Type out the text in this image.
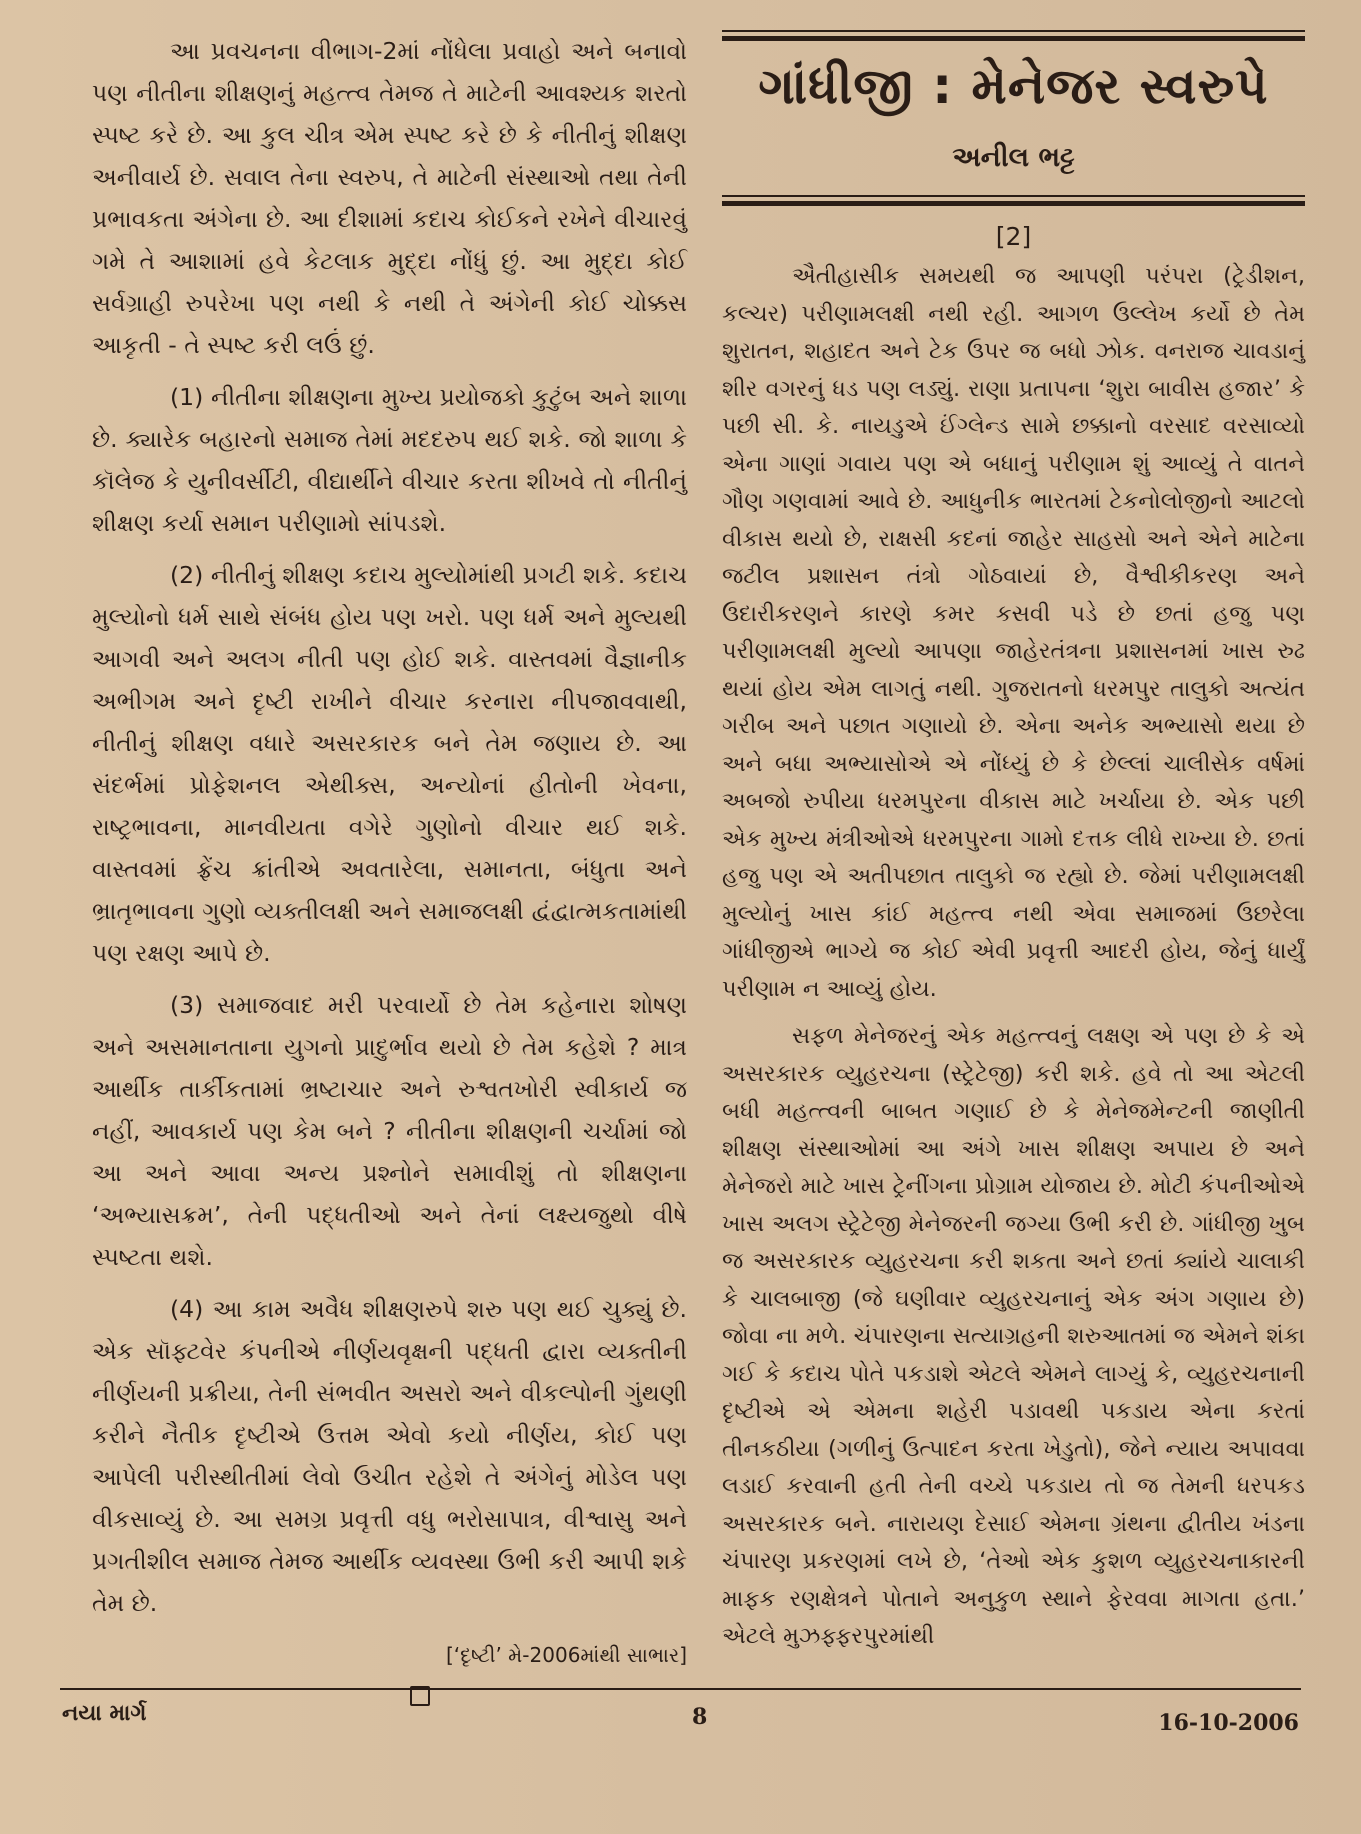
આ પ્રવચનના વીભાગ-2માં નોંધેલા પ્રવાહો અને બનાવો પણ નીતીના શીક્ષણનું મહત્ત્વ તેમજ તે માટેની આવશ્યક શરતો સ્પષ્ટ કરે છે. આ કુલ ચીત્ર એમ સ્પષ્ટ કરે છે કે નીતીનું શીક્ષણ અનીવાર્ય છે. સવાલ તેના સ્વરુપ, તે માટેની સંસ્થાઓ તથા તેની પ્રભાવકતા અંગેના છે. આ દીશામાં કદાચ કોઈકને રખેને વીચારવું ગમે તે આશામાં હવે કેટલાક મુદ્દા નોંધું છું. આ મુદ્દા કોઈ સર્વગ્રાહી રુપરેખા પણ નથી કે નથી તે અંગેની કોઈ ચોક્કસ આકૃતી - તે સ્પષ્ટ કરી લઉં છું.

(1) નીતીના શીક્ષણના મુખ્ય પ્રયોજકો કુટુંબ અને શાળા છે. ક્યારેક બહારનો સમાજ તેમાં મદદરુપ થઈ શકે. જો શાળા કે કૉલેજ કે યુનીવર્સીટી, વીદ્યાર્થીને વીચાર કરતા શીખવે તો નીતીનું શીક્ષણ કર્યા સમાન પરીણામો સાંપડશે.

(2) નીતીનું શીક્ષણ કદાચ મુલ્યોમાંથી પ્રગટી શકે. કદાચ મુલ્યોનો ધર્મ સાથે સંબંધ હોય પણ ખરો. પણ ધર્મ અને મુલ્યથી આગવી અને અલગ નીતી પણ હોઈ શકે. વાસ્તવમાં વૈજ્ઞાનીક અભીગમ અને દૃષ્ટી રાખીને વીચાર કરનારા નીપજાવવાથી, નીતીનું શીક્ષણ વધારે અસરકારક બને તેમ જણાય છે. આ સંદર્ભમાં પ્રોફેશનલ એથીક્સ, અન્યોનાં હીતોની ખેવના, રાષ્ટ્રભાવના, માનવીયતા વગેરે ગુણોનો વીચાર થઈ શકે. વાસ્તવમાં ફ્રેંચ ક્રાંતીએ અવતારેલા, સમાનતા, બંધુતા અને ભ્રાતૃભાવના ગુણો વ્યક્તીલક્ષી અને સમાજલક્ષી દ્વંદ્વાત્મકતામાંથી પણ રક્ષણ આપે છે.

(3) સમાજવાદ મરી પરવાર્યો છે તેમ કહેનારા શોષણ અને અસમાનતાના યુગનો પ્રાદુર્ભાવ થયો છે તેમ કહેશે ? માત્ર આર્થીક તાર્કીકતામાં ભ્રષ્ટાચાર અને રુશ્વતખોરી સ્વીકાર્ય જ નહીં, આવકાર્ય પણ કેમ બને ? નીતીના શીક્ષણની ચર્ચામાં જો આ અને આવા અન્ય પ્રશ્નોને સમાવીશું તો શીક્ષણના ‘અભ્યાસક્રમ’, તેની પદ્ધતીઓ અને તેનાં લક્ષ્યજુથો વીષે સ્પષ્ટતા થશે.

(4) આ કામ અવૈધ શીક્ષણરુપે શરુ પણ થઈ ચુક્યું છે. એક સૉફ્ટવેર કંપનીએ નીર્ણયવૃક્ષની પદ્ધતી દ્વારા વ્યક્તીની નીર્ણયની પ્રક્રીયા, તેની સંભવીત અસરો અને વીકલ્પોની ગુંથણી કરીને નૈતીક દૃષ્ટીએ ઉત્તમ એવો કયો નીર્ણય, કોઈ પણ આપેલી પરીસ્થીતીમાં લેવો ઉચીત રહેશે તે અંગેનું મોડેલ પણ વીકસાવ્યું છે. આ સમગ્ર પ્રવૃત્તી વધુ ભરોસાપાત્ર, વીશ્વાસુ અને પ્રગતીશીલ સમાજ તેમજ આર્થીક વ્યવસ્થા ઉભી કરી આપી શકે તેમ છે.

[‘દૃષ્ટી’ મે-2006માંથી સાભાર]

ગાંધીજી : મેનેજર સ્વરુપે
અનીલ ભટ્ટ
[2]

ઐતીહાસીક સમયથી જ આપણી પરંપરા (ટ્રેડીશન, કલ્ચર) પરીણામલક્ષી નથી રહી. આગળ ઉલ્લેખ કર્યો છે તેમ શુરાતન, શહાદત અને ટેક ઉપર જ બધો ઝોક. વનરાજ ચાવડાનું શીર વગરનું ધડ પણ લડ્યું. રાણા પ્રતાપના ‘શુરા બાવીસ હજાર’ કે પછી સી. કે. નાયડુએ ઈંગ્લેન્ડ સામે છક્કાનો વરસાદ વરસાવ્યો એના ગાણાં ગવાય પણ એ બધાનું પરીણામ શું આવ્યું તે વાતને ગૌણ ગણવામાં આવે છે. આધુનીક ભારતમાં ટેકનોલોજીનો આટલો વીકાસ થયો છે, રાક્ષસી કદનાં જાહેર સાહસો અને એને માટેના જટીલ પ્રશાસન તંત્રો ગોઠવાયાં છે, વૈશ્વીકીકરણ અને ઉદારીકરણને કારણે કમર કસવી પડે છે છતાં હજુ પણ પરીણામલક્ષી મુલ્યો આપણા જાહેરતંત્રના પ્રશાસનમાં ખાસ રુઢ થયાં હોય એમ લાગતું નથી. ગુજરાતનો ધરમપુર તાલુકો અત્યંત ગરીબ અને પછાત ગણાયો છે. એના અનેક અભ્યાસો થયા છે અને બધા અભ્યાસોએ એ નોંધ્યું છે કે છેલ્લાં ચાલીસેક વર્ષમાં અબજો રુપીયા ધરમપુરના વીકાસ માટે ખર્ચાયા છે. એક પછી એક મુખ્ય મંત્રીઓએ ધરમપુરના ગામો દત્તક લીધે રાખ્યા છે. છતાં હજુ પણ એ અતીપછાત તાલુકો જ રહ્યો છે. જેમાં પરીણામલક્ષી મુલ્યોનું ખાસ કાંઈ મહત્ત્વ નથી એવા સમાજમાં ઉછરેલા ગાંધીજીએ ભાગ્યે જ કોઈ એવી પ્રવૃત્તી આદરી હોય, જેનું ધાર્યું પરીણામ ન આવ્યું હોય.

સફળ મેનેજરનું એક મહત્ત્વનું લક્ષણ એ પણ છે કે એ અસરકારક વ્યુહરચના (સ્ટ્રેટેજી) કરી શકે. હવે તો આ એટલી બધી મહત્ત્વની બાબત ગણાઈ છે કે મેનેજમેન્ટની જાણીતી શીક્ષણ સંસ્થાઓમાં આ અંગે ખાસ શીક્ષણ અપાય છે અને મેનેજરો માટે ખાસ ટ્રેનીંગના પ્રોગ્રામ યોજાય છે. મોટી કંપનીઓએ ખાસ અલગ સ્ટ્રેટેજી મેનેજરની જગ્યા ઉભી કરી છે. ગાંધીજી ખુબ જ અસરકારક વ્યુહરચના કરી શકતા અને છતાં ક્યાંયે ચાલાકી કે ચાલબાજી (જે ઘણીવાર વ્યુહરચનાનું એક અંગ ગણાય છે) જોવા ના મળે. ચંપારણના સત્યાગ્રહની શરુઆતમાં જ એમને શંકા ગઈ કે કદાચ પોતે પકડાશે એટલે એમને લાગ્યું કે, વ્યુહરચનાની દૃષ્ટીએ એ એમના શહેરી પડાવથી પકડાય એના કરતાં તીનકઠીયા (ગળીનું ઉત્પાદન કરતા ખેડુતો), જેને ન્યાય અપાવવા લડાઈ કરવાની હતી તેની વચ્ચે પકડાય તો જ તેમની ધરપકડ અસરકારક બને. નારાયણ દેસાઈ એમના ગ્રંથના દ્વીતીય ખંડના ચંપારણ પ્રકરણમાં લખે છે, ‘તેઓ એક કુશળ વ્યુહરચનાકારની માફક રણક્ષેત્રને પોતાને અનુકુળ સ્થાને ફેરવવા માગતા હતા.’ એટલે મુઝફ્ફરપુરમાંથી

નયા માર્ગ	8	16-10-2006
